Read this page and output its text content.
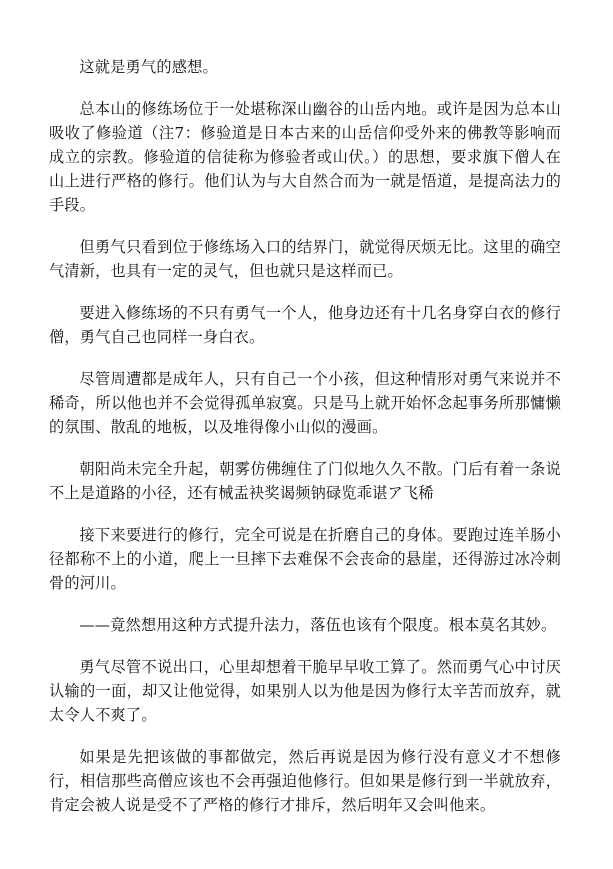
这就是勇气的感想。

总本山的修练场位于一处堪称深山幽谷的山岳内地。或许是因为总本山吸收了修验道（注7：修验道是日本古来的山岳信仰受外来的佛教等影响而成立的宗教。修验道的信徒称为修验者或山伏。）的思想，要求旗下僧人在山上进行严格的修行。他们认为与大自然合而为一就是悟道，是提高法力的手段。

但勇气只看到位于修练场入口的结界门，就觉得厌烦无比。这里的确空气清新，也具有一定的灵气，但也就只是这样而已。

要进入修练场的不只有勇气一个人，他身边还有十几名身穿白衣的修行僧，勇气自己也同样一身白衣。

尽管周遭都是成年人，只有自己一个小孩，但这种情形对勇气来说并不稀奇，所以他也并不会觉得孤单寂寞。只是马上就开始怀念起事务所那慵懒的氛围、散乱的地板，以及堆得像小山似的漫画。

朝阳尚未完全升起，朝雾仿佛缠住了门似地久久不散。门后有着一条说不上是道路的小径，还有械盂袂奖谒频钠碌览乖谌ア飞稀

接下来要进行的修行，完全可说是在折磨自己的身体。要跑过连羊肠小径都称不上的小道，爬上一旦摔下去难保不会丧命的悬崖，还得游过冰冷刺骨的河川。

——竟然想用这种方式提升法力，落伍也该有个限度。根本莫名其妙。

勇气尽管不说出口，心里却想着干脆早早收工算了。然而勇气心中讨厌认输的一面，却又让他觉得，如果别人以为他是因为修行太辛苦而放弃，就太令人不爽了。

如果是先把该做的事都做完，然后再说是因为修行没有意义才不想修行，相信那些高僧应该也不会再强迫他修行。但如果是修行到一半就放弃，肯定会被人说是受不了严格的修行才排斥，然后明年又会叫他来。
